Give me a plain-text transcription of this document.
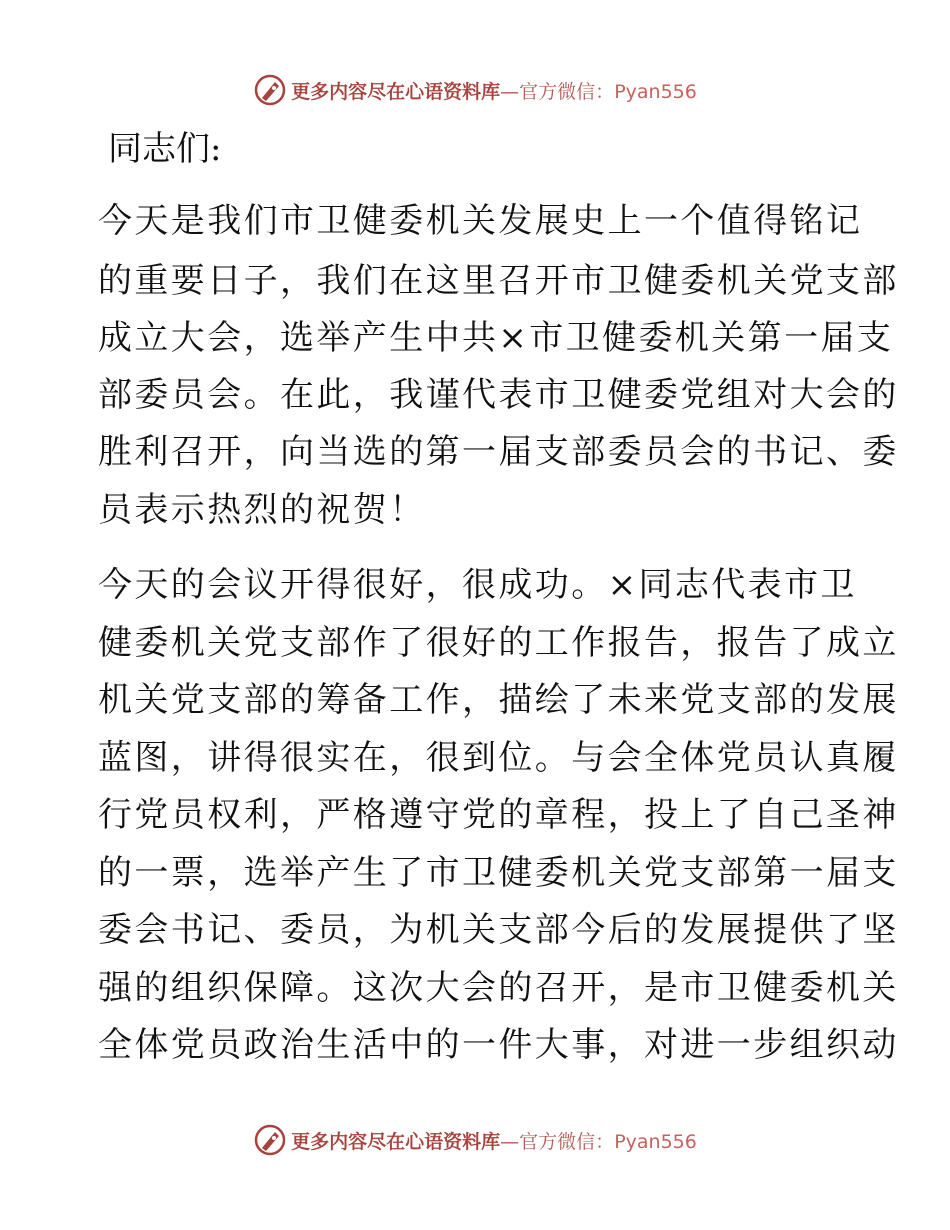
更多内容尽在心语资料库—官方微信：Pyan556
同志们:
今天是我们市卫健委机关发展史上一个值得铭记
的重要日子，我们在这里召开市卫健委机关党支部
成立大会，选举产生中共×市卫健委机关第一届支
部委员会。在此，我谨代表市卫健委党组对大会的
胜利召开，向当选的第一届支部委员会的书记、委
员表示热烈的祝贺！
今天的会议开得很好，很成功。×同志代表市卫
健委机关党支部作了很好的工作报告，报告了成立
机关党支部的筹备工作，描绘了未来党支部的发展
蓝图，讲得很实在，很到位。与会全体党员认真履
行党员权利，严格遵守党的章程，投上了自己圣神
的一票，选举产生了市卫健委机关党支部第一届支
委会书记、委员，为机关支部今后的发展提供了坚
强的组织保障。这次大会的召开，是市卫健委机关
全体党员政治生活中的一件大事，对进一步组织动
更多内容尽在心语资料库—官方微信：Pyan556
